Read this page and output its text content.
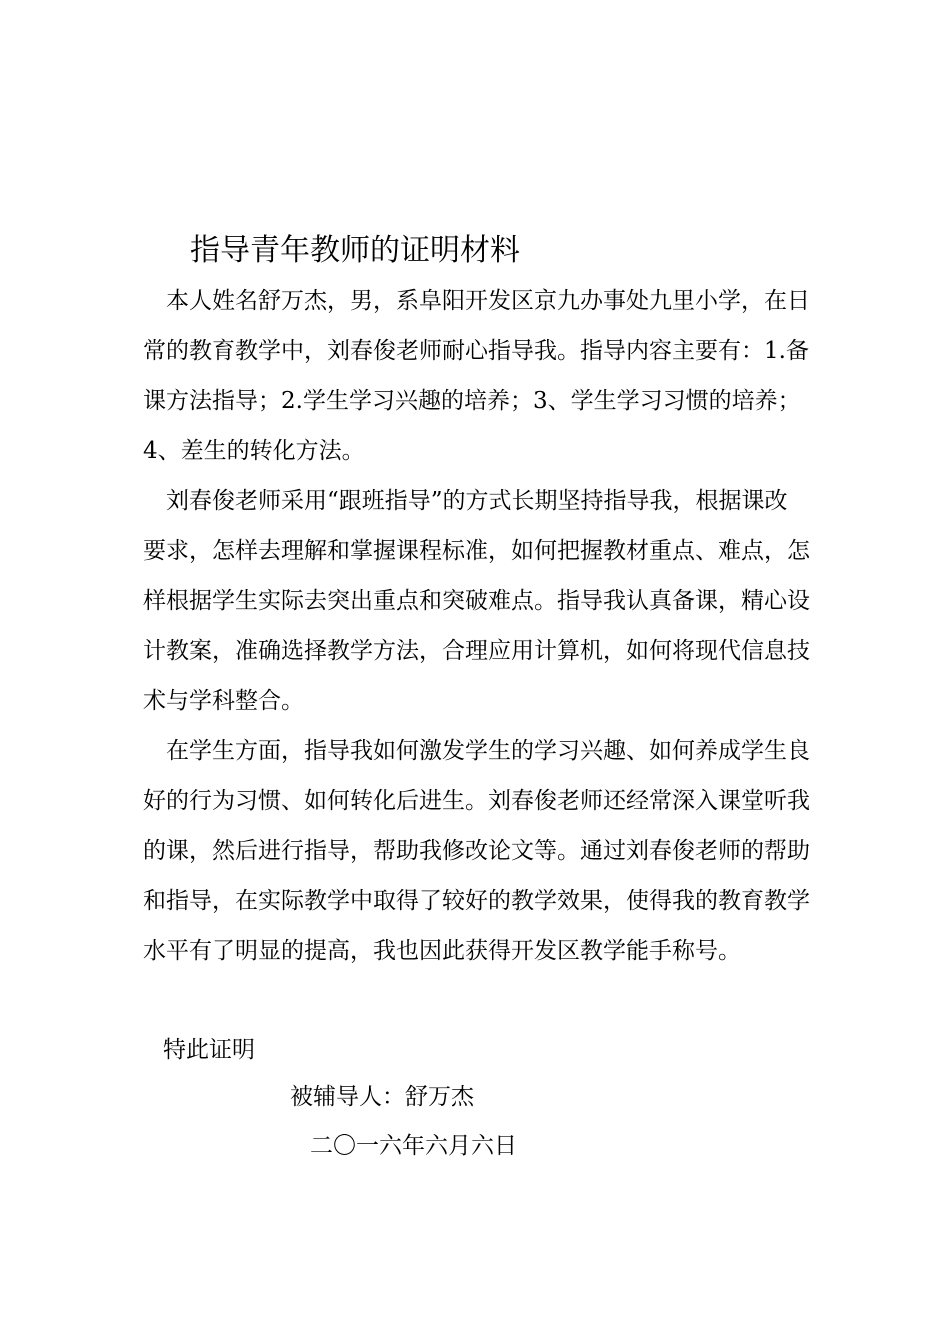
指导青年教师的证明材料
本人姓名舒万杰，男，系阜阳开发区京九办事处九里小学，在日
常的教育教学中，刘春俊老师耐心指导我。指导内容主要有：1.备
课方法指导；2.学生学习兴趣的培养；3、学生学习习惯的培养；
4、差生的转化方法。
刘春俊老师采用“跟班指导”的方式长期坚持指导我，根据课改
要求，怎样去理解和掌握课程标准，如何把握教材重点、难点，怎
样根据学生实际去突出重点和突破难点。指导我认真备课，精心设
计教案，准确选择教学方法，合理应用计算机，如何将现代信息技
术与学科整合。
在学生方面，指导我如何激发学生的学习兴趣、如何养成学生良
好的行为习惯、如何转化后进生。刘春俊老师还经常深入课堂听我
的课，然后进行指导，帮助我修改论文等。通过刘春俊老师的帮助
和指导，在实际教学中取得了较好的教学效果，使得我的教育教学
水平有了明显的提高，我也因此获得开发区教学能手称号。

特此证明

被辅导人：舒万杰

二〇一六年六月六日
